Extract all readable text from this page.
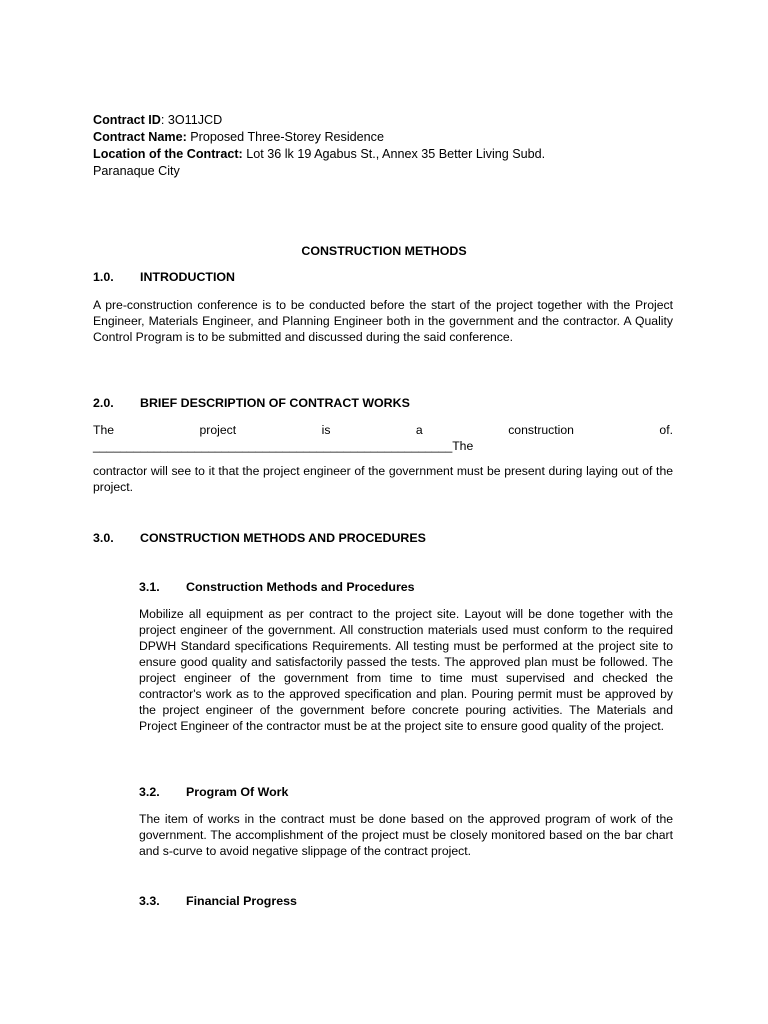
Contract ID: 3O11JCD
Contract Name: Proposed Three-Storey Residence
Location of the Contract: Lot 36 lk 19 Agabus St., Annex 35 Better Living Subd.
Paranaque City
CONSTRUCTION METHODS
1.0. INTRODUCTION
A pre-construction conference is to be conducted before the start of the project together with the Project Engineer, Materials Engineer, and Planning Engineer both in the government and the contractor. A Quality Control Program is to be submitted and discussed during the said conference.
2.0. BRIEF DESCRIPTION OF CONTRACT WORKS
The	project	is	a	construction	of.
_____________________________________________________The
contractor will see to it that the project engineer of the government must be present during laying out of the project.
3.0. CONSTRUCTION METHODS AND PROCEDURES
3.1. Construction Methods and Procedures
Mobilize all equipment as per contract to the project site. Layout will be done together with the project engineer of the government. All construction materials used must conform to the required DPWH Standard specifications Requirements. All testing must be performed at the project site to ensure good quality and satisfactorily passed the tests. The approved plan must be followed. The project engineer of the government from time to time must supervised and checked the contractor's work as to the approved specification and plan. Pouring permit must be approved by the project engineer of the government before concrete pouring activities. The Materials and Project Engineer of the contractor must be at the project site to ensure good quality of the project.
3.2. Program Of Work
The item of works in the contract must be done based on the approved program of work of the government. The accomplishment of the project must be closely monitored based on the bar chart and s-curve to avoid negative slippage of the contract project.
3.3. Financial Progress
